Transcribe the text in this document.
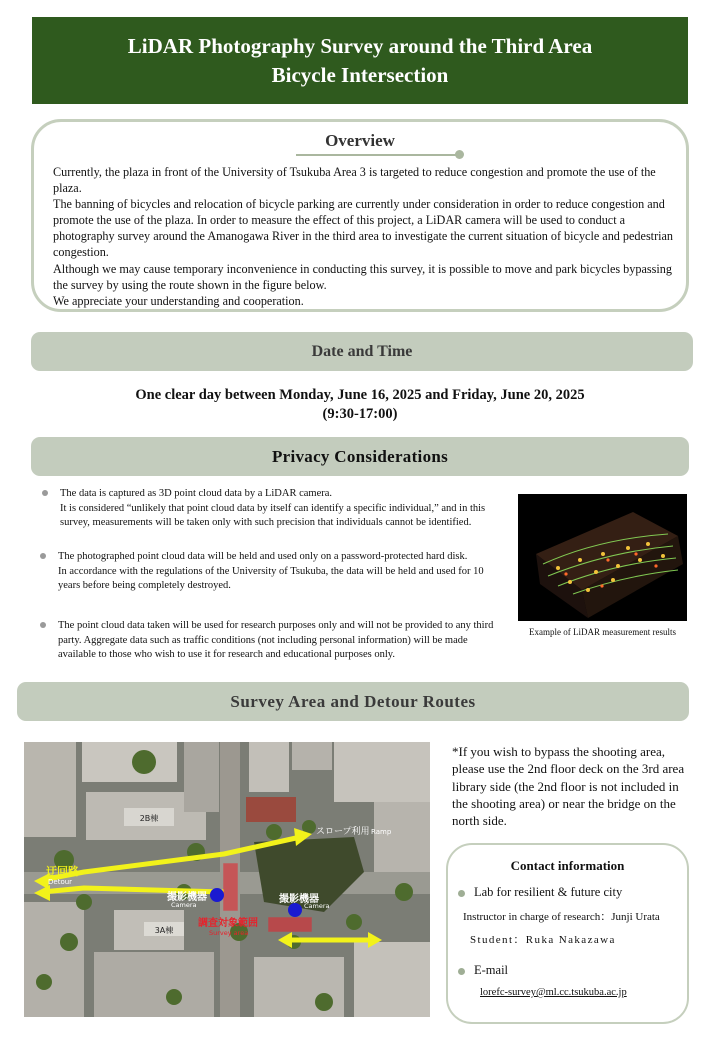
LiDAR Photography Survey around the Third Area
Bicycle Intersection
Overview

Currently, the plaza in front of the University of Tsukuba Area 3 is targeted to reduce congestion and promote the use of the plaza.

The banning of bicycles and relocation of bicycle parking are currently under consideration in order to reduce congestion and promote the use of the plaza. In order to measure the effect of this project, a LiDAR camera will be used to conduct a photography survey around the Amanogawa River in the third area to investigate the current situation of bicycle and pedestrian congestion.

Although we may cause temporary inconvenience in conducting this survey, it is possible to move and park bicycles bypassing the survey by using the route shown in the figure below.

We appreciate your understanding and cooperation.

Date and Time
One clear day between Monday, June 16, 2025 and Friday, June 20, 2025
(9:30-17:00)
Privacy Considerations

The data is captured as 3D point cloud data by a LiDAR camera.

It is considered “unlikely that point cloud data by itself can identify a specific individual,” and in this survey, measurements will be taken only with such precision that individuals cannot be identified.

The photographed point cloud data will be held and used only on a password-protected hard disk.

In accordance with the regulations of the University of Tsukuba, the data will be held and used for 10 years before being completely destroyed.

The point cloud data taken will be used for research purposes only and will not be provided to any third party. Aggregate data such as traffic conditions (not including personal information) will be made available to those who wish to use it for research and educational purposes only.

Example of LiDAR measurement results
Survey Area and Detour Routes
2B棟
3A棟
スロープ利用 Ramp
迂回路
Detour
撮影機器
Camera	撮影機器
Camera
調査対象範囲
Survey area
*If you wish to bypass the shooting area, please use the 2nd floor deck on the 3rd area library side (the 2nd floor is not included in the shooting area) or near the bridge on the north side.
Contact information
Lab for resilient & future city
Instructor in charge of research：Junji Urata
Student：Ruka Nakazawa
E-mail
lorefc-survey@ml.cc.tsukuba.ac.jp
